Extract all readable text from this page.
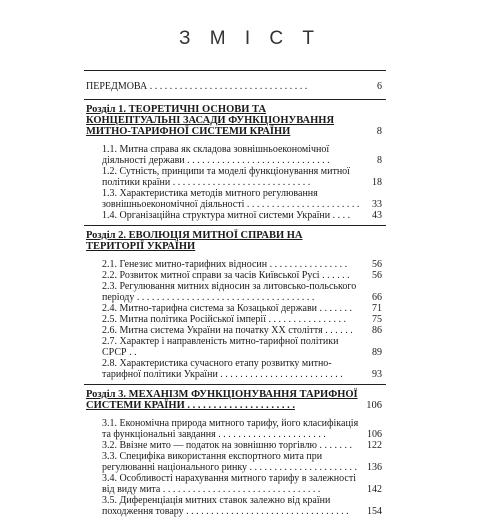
З М І С Т
ПЕРЕДМОВА . . . . . . . . . . . . . . . . . . . . . . . . . . . . . . . .	6
Розділ 1. ТЕОРЕТИЧНІ ОСНОВИ ТА КОНЦЕПТУАЛЬНІ ЗАСАДИ ФУНКЦІОНУВАННЯ МИТНО-ТАРИФНОЇ СИСТЕМИ КРАЇНИ	8
1.1. Митна справа як складова зовнішньоекономічної діяльності держави . . . . . . . . . . . . . . . . . . . . . . . . . . . . .	8
1.2. Сутність, принципи та моделі функціонування митної політики країни . . . . . . . . . . . . . . . . . . . . . . . . . . . .	18
1.3. Характеристика методів митного регулювання зовнішньоекономічної діяльності . . . . . . . . . . . . . . . . . . . . . . . 33
1.4. Організаційна структура митної системи України . . . . 43
Розділ 2. ЕВОЛЮЦІЯ МИТНОЇ СПРАВИ НА ТЕРИТОРІЇ УКРАЇНИ
2.1. Генезис митно-тарифних відносин . . . . . . . . . . . . . . . . 56
2.2. Розвиток митної справи за часів Київської Русі . . . . . . 56
2.3. Регулювання митних відносин за литовсько-польського періоду . . . . . . . . . . . . . . . . . . . . . . . . . . . . . . . . . . . .	66
2.4. Митно-тарифна система за Козацької держави . . . . . . . 71
2.5. Митна політика Російської імперії . . . . . . . . . . . . . . . .	75
2.6. Митна система України на початку XX століття . . . . . . 86
2.7. Характер і направленість митно-тарифної політики СРСР . .	89
2.8. Характеристика сучасного етапу розвитку митно-тарифної політики України . . . . . . . . . . . . . . . . . . . . . . . . .	93
Розділ 3. МЕХАНІЗМ ФУНКЦІОНУВАННЯ ТАРИФНОЇ СИСТЕМИ КРАЇНИ . . . . . . . . . . . . . . . . . . . . .	106
3.1. Економічна природа митного тарифу, його класифікація та функціональні завдання . . . . . . . . . . . . . . . . . . . . . .	106
3.2. Ввізне мито — податок на зовнішню торгівлю . . . . . . . 122
3.3. Специфіка використання експортного мита при регулюванні національного ринку . . . . . . . . . . . . . . . . . . . . . . 136
3.4. Особливості нарахування митного тарифу в залежності від виду мита . . . . . . . . . . . . . . . . . . . . . . . . . . . . . . . .	142
3.5. Диференціація митних ставок залежно від країни походження товару . . . . . . . . . . . . . . . . . . . . . . . . . . . . . . . . . 154
